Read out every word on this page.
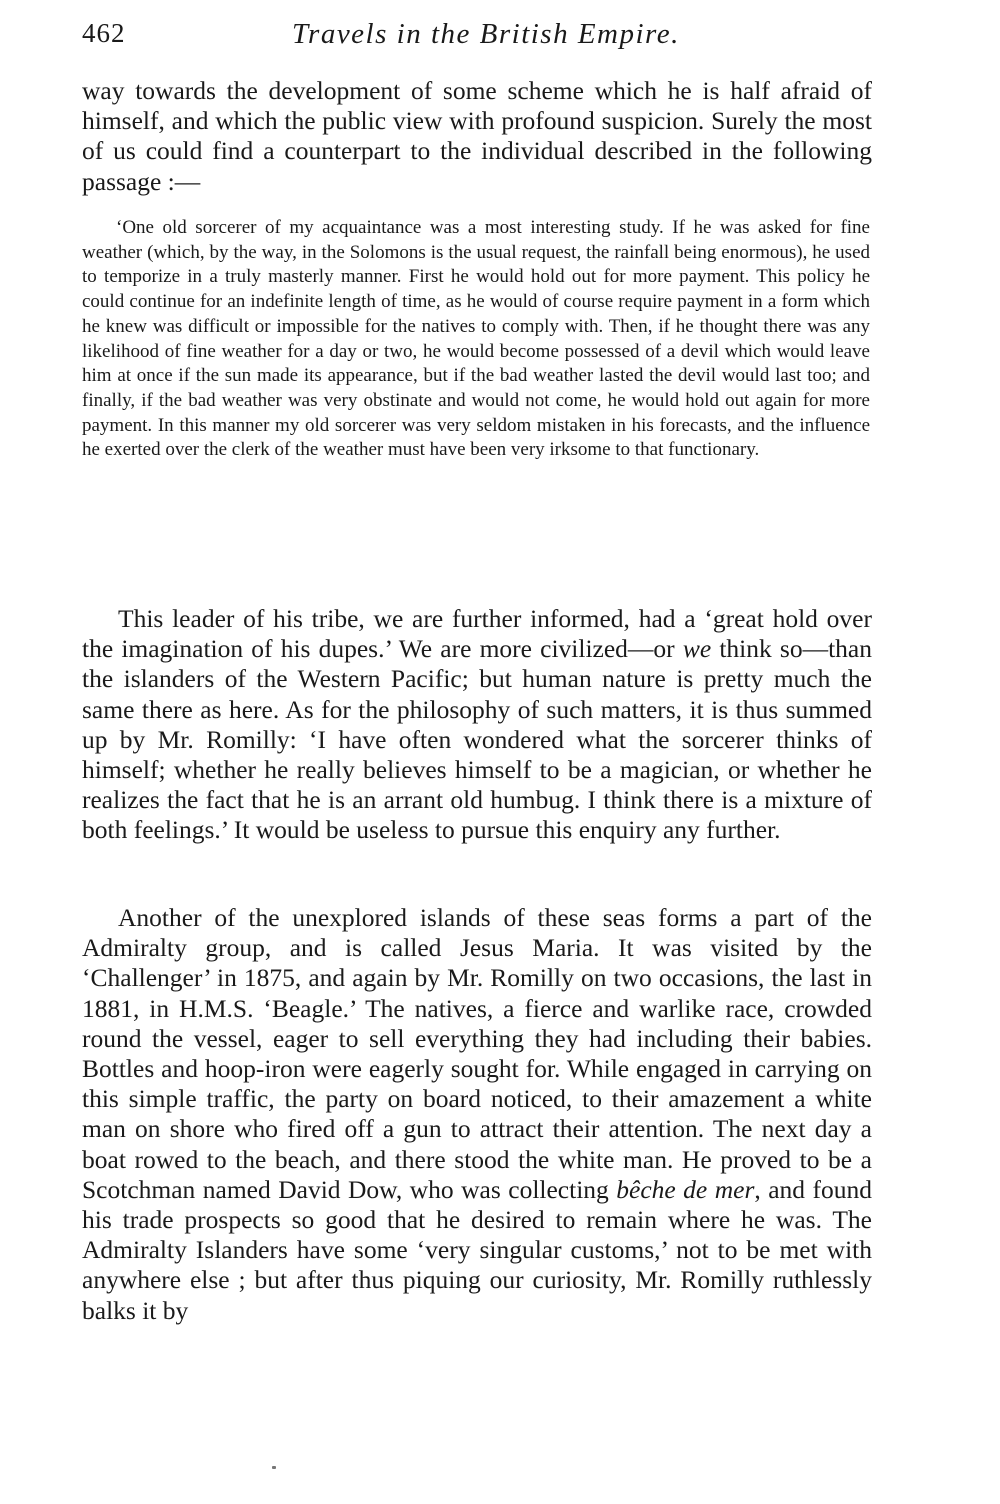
462	Travels in the British Empire.
way towards the development of some scheme which he is half afraid of himself, and which the public view with profound suspicion. Surely the most of us could find a counterpart to the individual described in the following passage :—
‘One old sorcerer of my acquaintance was a most interesting study. If he was asked for fine weather (which, by the way, in the Solomons is the usual request, the rainfall being enormous), he used to temporize in a truly masterly manner. First he would hold out for more payment. This policy he could continue for an indefinite length of time, as he would of course require payment in a form which he knew was difficult or impossible for the natives to comply with. Then, if he thought there was any likelihood of fine weather for a day or two, he would become possessed of a devil which would leave him at once if the sun made its appearance, but if the bad weather lasted the devil would last too; and finally, if the bad weather was very obstinate and would not come, he would hold out again for more payment. In this manner my old sorcerer was very seldom mistaken in his forecasts, and the influence he exerted over the clerk of the weather must have been very irksome to that functionary.
This leader of his tribe, we are further informed, had a ‘great hold over the imagination of his dupes.’ We are more civilized—or we think so—than the islanders of the Western Pacific; but human nature is pretty much the same there as here. As for the philosophy of such matters, it is thus summed up by Mr. Romilly: ‘I have often wondered what the sorcerer thinks of himself; whether he really believes himself to be a magician, or whether he realizes the fact that he is an arrant old humbug. I think there is a mixture of both feelings.’ It would be useless to pursue this enquiry any further.
Another of the unexplored islands of these seas forms a part of the Admiralty group, and is called Jesus Maria. It was visited by the ‘Challenger’ in 1875, and again by Mr. Romilly on two occasions, the last in 1881, in H.M.S. ‘Beagle.’ The natives, a fierce and warlike race, crowded round the vessel, eager to sell everything they had including their babies. Bottles and hoop-iron were eagerly sought for. While engaged in carrying on this simple traffic, the party on board noticed, to their amazement a white man on shore who fired off a gun to attract their attention. The next day a boat rowed to the beach, and there stood the white man. He proved to be a Scotchman named David Dow, who was collecting bêche de mer, and found his trade prospects so good that he desired to remain where he was. The Admiralty Islanders have some ‘very singular customs,’ not to be met with anywhere else ; but after thus piquing our curiosity, Mr. Romilly ruthlessly balks it by
